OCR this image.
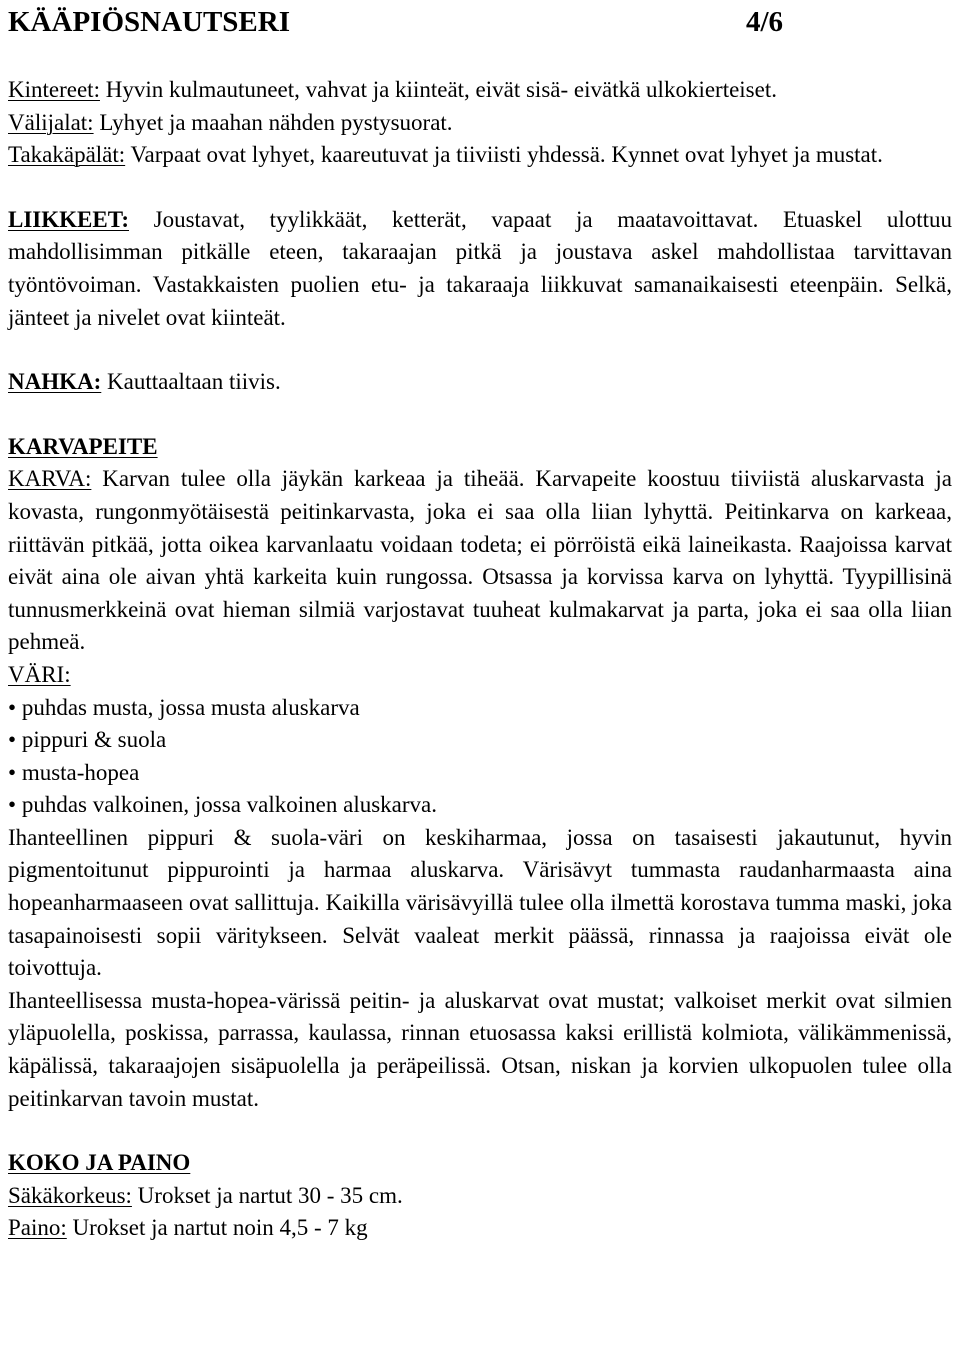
KÄÄPIÖSNAUTSERI	4/6

Kintereet: Hyvin kulmautuneet, vahvat ja kiinteät, eivät sisä- eivätkä ulkokierteiset.

Välijalat: Lyhyet ja maahan nähden pystysuorat.

Takakäpälät: Varpaat ovat lyhyet, kaareutuvat ja tiiviisti yhdessä. Kynnet ovat lyhyet ja mustat.

LIIKKEET: Joustavat, tyylikkäät, ketterät, vapaat ja maatavoittavat. Etuaskel ulottuu mahdollisimman pitkälle eteen, takaraajan pitkä ja joustava askel mahdollistaa tarvittavan työntövoiman. Vastakkaisten puolien etu- ja takaraaja liikkuvat samanaikaisesti eteenpäin. Selkä, jänteet ja nivelet ovat kiinteät.

NAHKA: Kauttaaltaan tiivis.

KARVAPEITE

KARVA: Karvan tulee olla jäykän karkeaa ja tiheää. Karvapeite koostuu tiiviistä aluskarvasta ja kovasta, rungonmyötäisestä peitinkarvasta, joka ei saa olla liian lyhyttä. Peitinkarva on karkeaa, riittävän pitkää, jotta oikea karvanlaatu voidaan todeta; ei pörröistä eikä laineikasta. Raajoissa karvat eivät aina ole aivan yhtä karkeita kuin rungossa. Otsassa ja korvissa karva on lyhyttä. Tyypillisinä tunnusmerkkeinä ovat hieman silmiä varjostavat tuuheat kulmakarvat ja parta, joka ei saa olla liian pehmeä.

VÄRI:

• puhdas musta, jossa musta aluskarva
• pippuri & suola
• musta-hopea
• puhdas valkoinen, jossa valkoinen aluskarva.

Ihanteellinen pippuri & suola-väri on keskiharmaa, jossa on tasaisesti jakautunut, hyvin pigmentoitunut pippurointi ja harmaa aluskarva. Värisävyt tummasta raudanharmaasta aina hopeanharmaaseen ovat sallittuja. Kaikilla värisävyillä tulee olla ilmettä korostava tumma maski, joka tasapainoisesti sopii väritykseen. Selvät vaaleat merkit päässä, rinnassa ja raajoissa eivät ole toivottuja.

Ihanteellisessa musta-hopea-värissä peitin- ja aluskarvat ovat mustat; valkoiset merkit ovat silmien yläpuolella, poskissa, parrassa, kaulassa, rinnan etuosassa kaksi erillistä kolmiota, välikämmenissä, käpälissä, takaraajojen sisäpuolella ja peräpeilissä. Otsan, niskan ja korvien ulkopuolen tulee olla peitinkarvan tavoin mustat.

KOKO JA PAINO

Säkäkorkeus: Urokset ja nartut 30 - 35 cm.

Paino: Urokset ja nartut noin 4,5 - 7 kg
